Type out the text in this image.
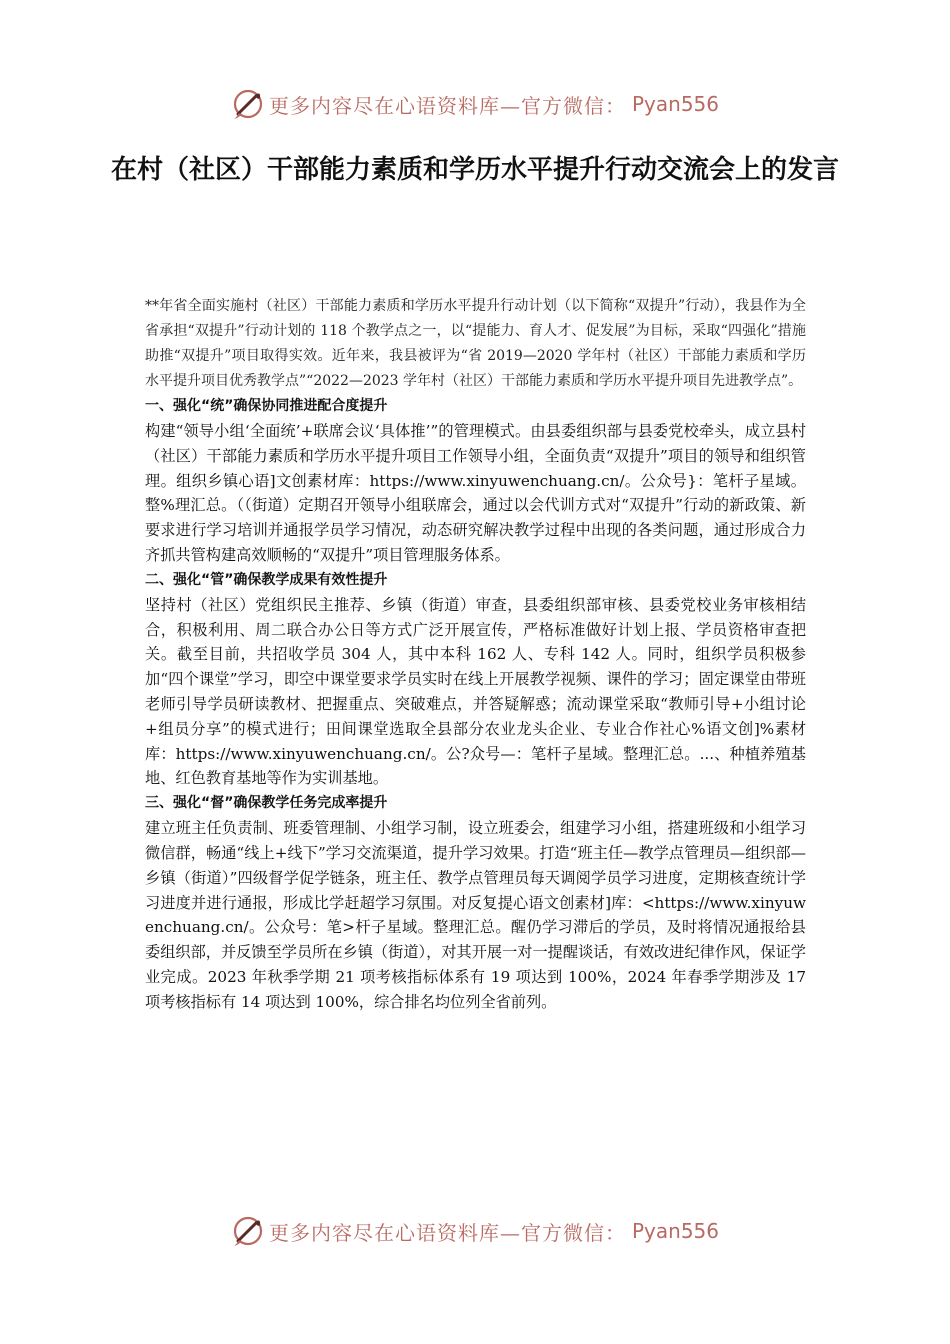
更多内容尽在心语资料库—官方微信： Pyan556
在村（社区）干部能力素质和学历水平提升行动交流会上的发言

**年省全面实施村（社区）干部能力素质和学历水平提升行动计划（以下简称“双提升”行动），我县作为全省承担“双提升”行动计划的 118 个教学点之一，以“提能力、育人才、促发展”为目标，采取“四强化”措施助推“双提升”项目取得实效。近年来，我县被评为“省 2019—2020 学年村（社区）干部能力素质和学历水平提升项目优秀教学点”“2022—2023 学年村（社区）干部能力素质和学历水平提升项目先进教学点”。

一、强化“统”确保协同推进配合度提升

构建“领导小组‘全面统’+联席会议‘具体推’”的管理模式。由县委组织部与县委党校牵头，成立县村（社区）干部能力素质和学历水平提升项目工作领导小组，全面负责“双提升”项目的领导和组织管理。组织乡镇心语]文创素材库：https://www.xinyuwenchuang.cn/。公众号}：笔杆子星域。整%理汇总。（（街道）定期召开领导小组联席会，通过以会代训方式对“双提升”行动的新政策、新要求进行学习培训并通报学员学习情况，动态研究解决教学过程中出现的各类问题，通过形成合力齐抓共管构建高效顺畅的“双提升”项目管理服务体系。

二、强化“管”确保教学成果有效性提升

坚持村（社区）党组织民主推荐、乡镇（街道）审查，县委组织部审核、县委党校业务审核相结合，积极利用、周二联合办公日等方式广泛开展宣传，严格标准做好计划上报、学员资格审查把关。截至目前，共招收学员 304 人，其中本科 162 人、专科 142 人。同时，组织学员积极参加“四个课堂”学习，即空中课堂要求学员实时在线上开展教学视频、课件的学习；固定课堂由带班老师引导学员研读教材、把握重点、突破难点，并答疑解惑；流动课堂采取“教师引导+小组讨论+组员分享”的模式进行；田间课堂选取全县部分农业龙头企业、专业合作社心%语文创]%素材库：https://www.xinyuwenchuang.cn/。公?众号—：笔杆子星域。整理汇总。...、种植养殖基地、红色教育基地等作为实训基地。

三、强化“督”确保教学任务完成率提升

建立班主任负责制、班委管理制、小组学习制，设立班委会，组建学习小组，搭建班级和小组学习微信群，畅通“线上+线下”学习交流渠道，提升学习效果。打造“班主任—教学点管理员—组织部—乡镇（街道）”四级督学促学链条，班主任、教学点管理员每天调阅学员学习进度，定期核查统计学习进度并进行通报，形成比学赶超学习氛围。对反复提心语文创素材]库：<https://www.xinyuwenchuang.cn/。公众号：笔>杆子星域。整理汇总。醒仍学习滞后的学员，及时将情况通报给县委组织部，并反馈至学员所在乡镇（街道），对其开展一对一提醒谈话，有效改进纪律作风，保证学业完成。2023 年秋季学期 21 项考核指标体系有 19 项达到 100%，2024 年春季学期涉及 17 项考核指标有 14 项达到 100%，综合排名均位列全省前列。

更多内容尽在心语资料库—官方微信： Pyan556
